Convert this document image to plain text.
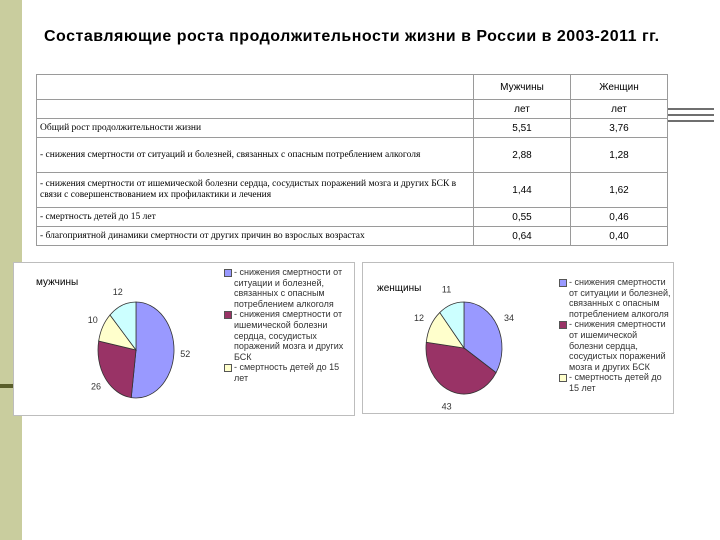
Составляющие роста продолжительности жизни в России в 2003-2011 гг.
	Мужчины	Женщин
	лет	лет
Общий рост продолжительности жизни	5,51	3,76
- снижения смертности от ситуаций и болезней, связанных с опасным потреблением алкоголя	2,88	1,28
- снижения смертности от ишемической болезни сердца, сосудистых поражений мозга и других БСК в связи с совершенствованием их профилактики и лечения	1,44	1,62
- смертность детей до 15 лет	0,55	0,46
- благоприятной динамики смертности от других причин во взрослых возрастах	0,64	0,40
мужчины
52
26
10
12
- снижения смертности от ситуации и болезней, связанных с опасным потреблением алкоголя
- снижения смертности от ишемической болезни сердца, сосудистых поражений мозга и других БСК
- смертность детей до 15 лет
женщины
34
43
12
11
- снижения смертности от ситуации и болезней, связанных с опасным потреблением алкоголя
- снижения смертности от ишемической болезни сердца, сосудистых поражений мозга и других БСК
- смертность детей до 15 лет
